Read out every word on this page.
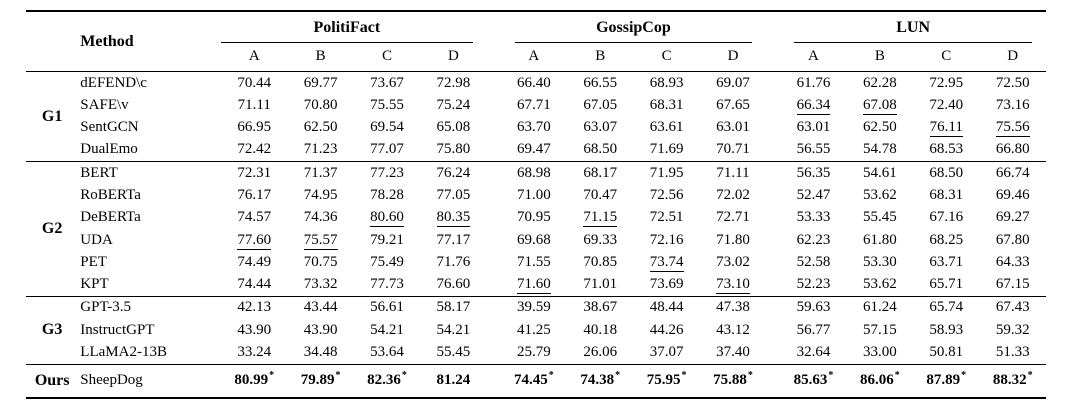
	Method	PolitiFact				GossipCop				LUN			

		A	B	C	D	A	B	C	D	A	B	C	D
G1	dEFEND\c	70.44	69.77	73.67	72.98	66.40	66.55	68.93	69.07	61.76	62.28	72.95	72.50
	SAFE\v	71.11	70.80	75.55	75.24	67.71	67.05	68.31	67.65	66.34	67.08	72.40	73.16
	SentGCN	66.95	62.50	69.54	65.08	63.70	63.07	63.61	63.01	63.01	62.50	76.11	75.56
	DualEmo	72.42	71.23	77.07	75.80	69.47	68.50	71.69	70.71	56.55	54.78	68.53	66.80
G2	BERT	72.31	71.37	77.23	76.24	68.98	68.17	71.95	71.11	56.35	54.61	68.50	66.74
	RoBERTa	76.17	74.95	78.28	77.05	71.00	70.47	72.56	72.02	52.47	53.62	68.31	69.46
	DeBERTa	74.57	74.36	80.60	80.35	70.95	71.15	72.51	72.71	53.33	55.45	67.16	69.27
	UDA	77.60	75.57	79.21	77.17	69.68	69.33	72.16	71.80	62.23	61.80	68.25	67.80
	PET	74.49	70.75	75.49	71.76	71.55	70.85	73.74	73.02	52.58	53.30	63.71	64.33
	KPT	74.44	73.32	77.73	76.60	71.60	71.01	73.69	73.10	52.23	53.62	65.71	67.15
G3	GPT-3.5	42.13	43.44	56.61	58.17	39.59	38.67	48.44	47.38	59.63	61.24	65.74	67.43
	InstructGPT	43.90	43.90	54.21	54.21	41.25	40.18	44.26	43.12	56.77	57.15	58.93	59.32
	LLaMA2-13B	33.24	34.48	53.64	55.45	25.79	26.06	37.07	37.40	32.64	33.00	50.81	51.33
Ours	SheepDog	80.99*	79.89*	82.36*	81.24	74.45*	74.38*	75.95*	75.88*	85.63*	86.06*	87.89*	88.32*
